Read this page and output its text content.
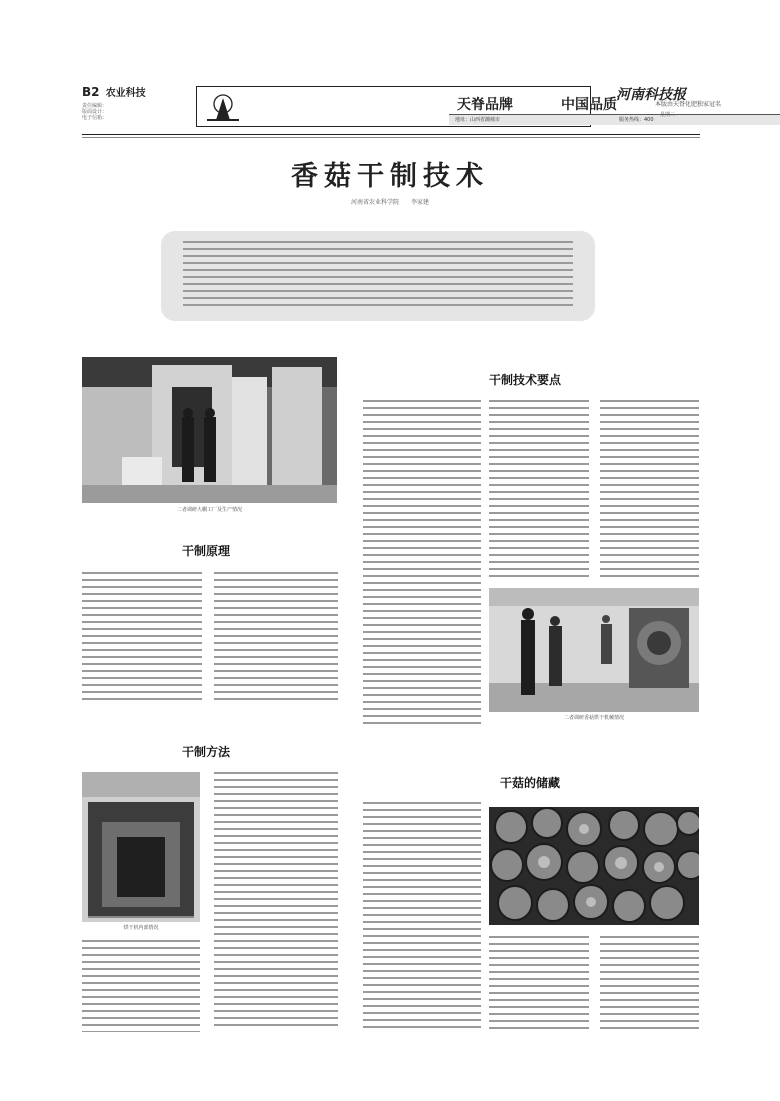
B2 农业科技
责任编辑：
版面设计：
电子信箱：
天脊品牌	中国品质	本版由天脊化肥独家冠名
地址：山西省潞城市	服务热线：400
河南科技报
星期二
香菇干制技术
河南省农业科学院 李家建
二者调研大棚工厂及生产情况
干制原理
干制方法
烘干机内部情况
干制技术要点
二者调研香菇烘干机械情况
干菇的储藏
